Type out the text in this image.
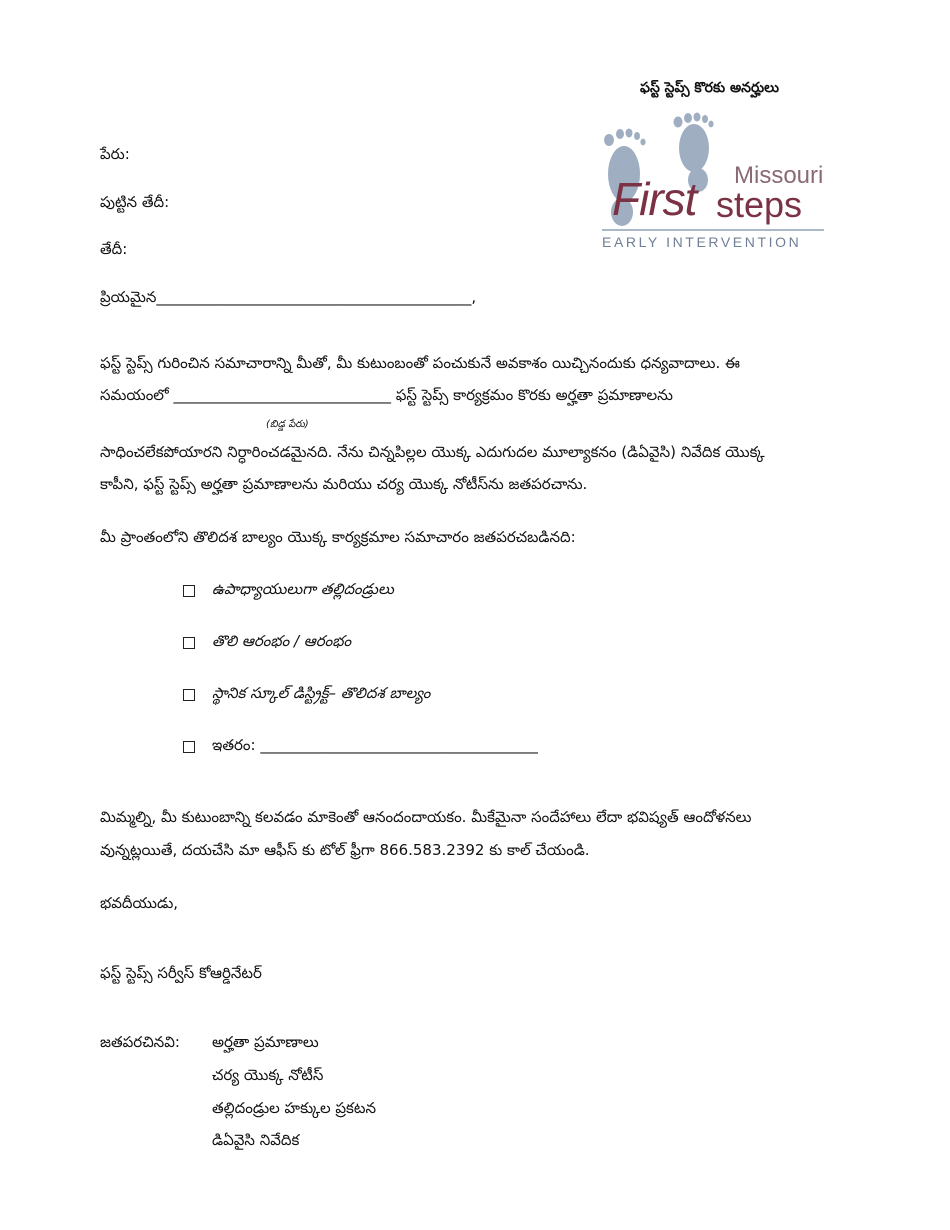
ఫస్ట్ స్టెప్స్ కొరకు అనర్హులు
Missouri
First steps
EARLY INTERVENTION
పేరు:
పుట్టిన తేదీ:
తేదీ:
ప్రియమైన__________________________________________,
ఫస్ట్ స్టెప్స్ గురించిన సమాచారాన్ని మీతో, మీ కుటుంబంతో పంచుకునే అవకాశం యిచ్చినందుకు ధన్యవాదాలు. ఈ
సమయంలో _____________________________ ఫస్ట్ స్టెప్స్ కార్యక్రమం కొరకు అర్హతా ప్రమాణాలను
(బిడ్డ పేరు)
సాధించలేకపోయారని నిర్ధారించడమైనది. నేను చిన్నపిల్లల యొక్క ఎదుగుదల మూల్యాకనం (డిఏవైసి) నివేదిక యొక్క
కాపీని, ఫస్ట్ స్టెప్స్ అర్హతా ప్రమాణాలను మరియు చర్య యొక్క నోటీస్‌ను జతపరచాను.
మీ ప్రాంతంలోని తొలిదశ బాల్యం యొక్క కార్యక్రమాల సమాచారం జతపరచబడినది:
ఉపాధ్యాయులుగా తల్లిదండ్రులు
తొలి ఆరంభం / ఆరంభం
స్థానిక స్కూల్ డిస్ట్రిక్ట్– తొలిదశ బాల్యం
ఇతరం: _____________________________________
మిమ్మల్ని, మీ కుటుంబాన్ని కలవడం మాకెంతో ఆనందందాయకం. మీకేమైనా సందేహాలు లేదా భవిష్యత్ ఆందోళనలు
వున్నట్లయితే, దయచేసి మా ఆఫీస్ కు టోల్ ఫ్రీగా 866.583.2392 కు కాల్ చేయండి.
భవదీయుడు,
ఫస్ట్ స్టెప్స్ సర్వీస్ కోఆర్డినేటర్
జతపరచినవి: అర్హతా ప్రమాణాలు
చర్య యొక్క నోటీస్
తల్లిదండ్రుల హక్కుల ప్రకటన
డిఏవైసి నివేదిక
